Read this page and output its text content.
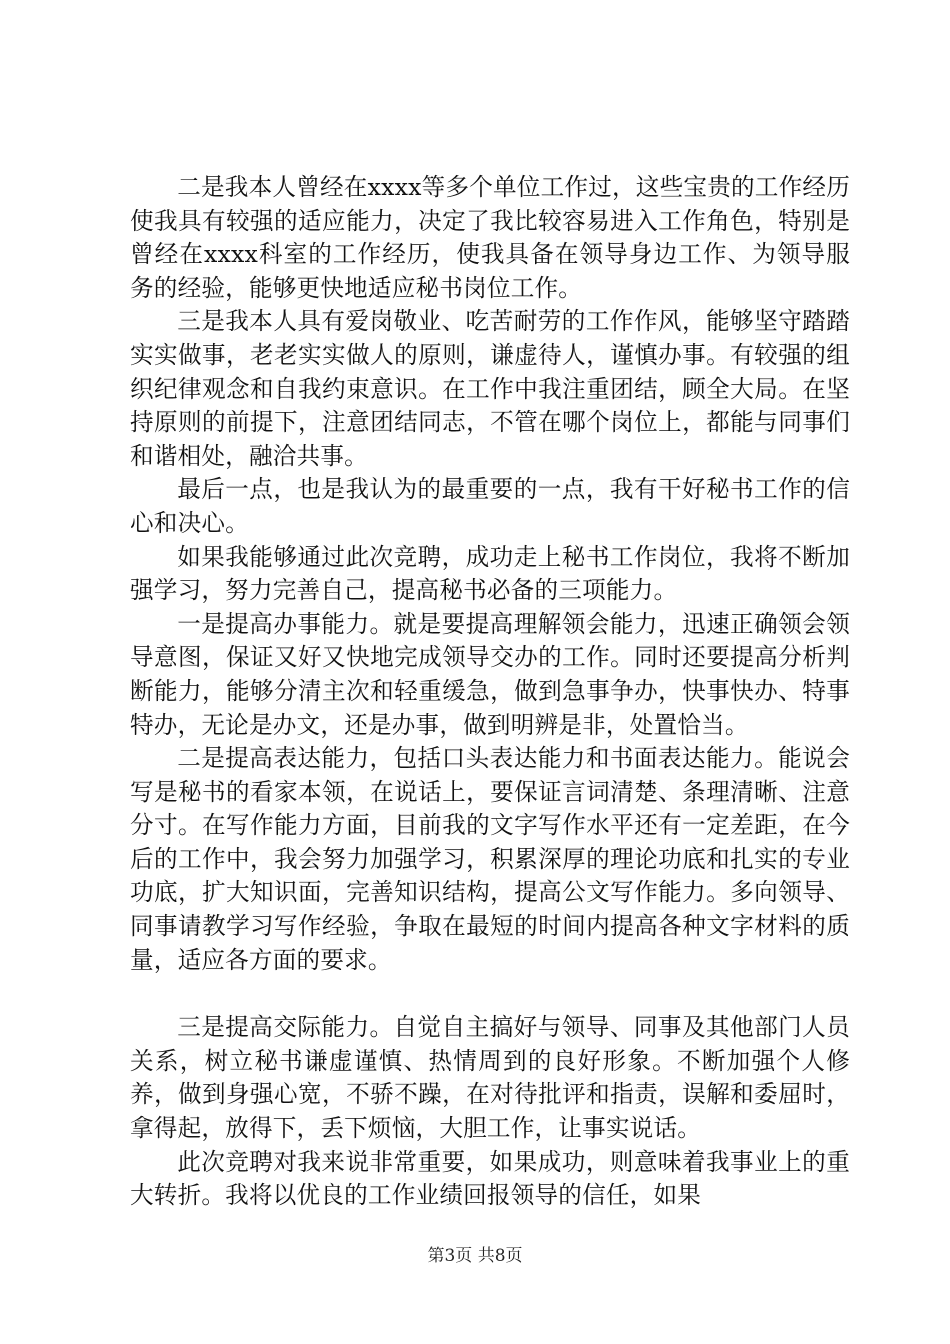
二是我本人曾经在xxxx等多个单位工作过，这些宝贵的工作经历使我具有较强的适应能力，决定了我比较容易进入工作角色，特别是曾经在xxxx科室的工作经历，使我具备在领导身边工作、为领导服务的经验，能够更快地适应秘书岗位工作。

三是我本人具有爱岗敬业、吃苦耐劳的工作作风，能够坚守踏踏实实做事，老老实实做人的原则，谦虚待人，谨慎办事。有较强的组织纪律观念和自我约束意识。在工作中我注重团结，顾全大局。在坚持原则的前提下，注意团结同志，不管在哪个岗位上，都能与同事们和谐相处，融洽共事。

最后一点，也是我认为的最重要的一点，我有干好秘书工作的信心和决心。

如果我能够通过此次竞聘，成功走上秘书工作岗位，我将不断加强学习，努力完善自己，提高秘书必备的三项能力。

一是提高办事能力。就是要提高理解领会能力，迅速正确领会领导意图，保证又好又快地完成领导交办的工作。同时还要提高分析判断能力，能够分清主次和轻重缓急，做到急事争办，快事快办、特事特办，无论是办文，还是办事，做到明辨是非，处置恰当。

二是提高表达能力，包括口头表达能力和书面表达能力。能说会写是秘书的看家本领，在说话上，要保证言词清楚、条理清晰、注意分寸。在写作能力方面，目前我的文字写作水平还有一定差距，在今后的工作中，我会努力加强学习，积累深厚的理论功底和扎实的专业功底，扩大知识面，完善知识结构，提高公文写作能力。多向领导、同事请教学习写作经验，争取在最短的时间内提高各种文字材料的质量，适应各方面的要求。

三是提高交际能力。自觉自主搞好与领导、同事及其他部门人员关系，树立秘书谦虚谨慎、热情周到的良好形象。不断加强个人修养，做到身强心宽，不骄不躁，在对待批评和指责，误解和委屈时，拿得起，放得下，丢下烦恼，大胆工作，让事实说话。

此次竞聘对我来说非常重要，如果成功，则意味着我事业上的重大转折。我将以优良的工作业绩回报领导的信任，如果

第3页 共8页
